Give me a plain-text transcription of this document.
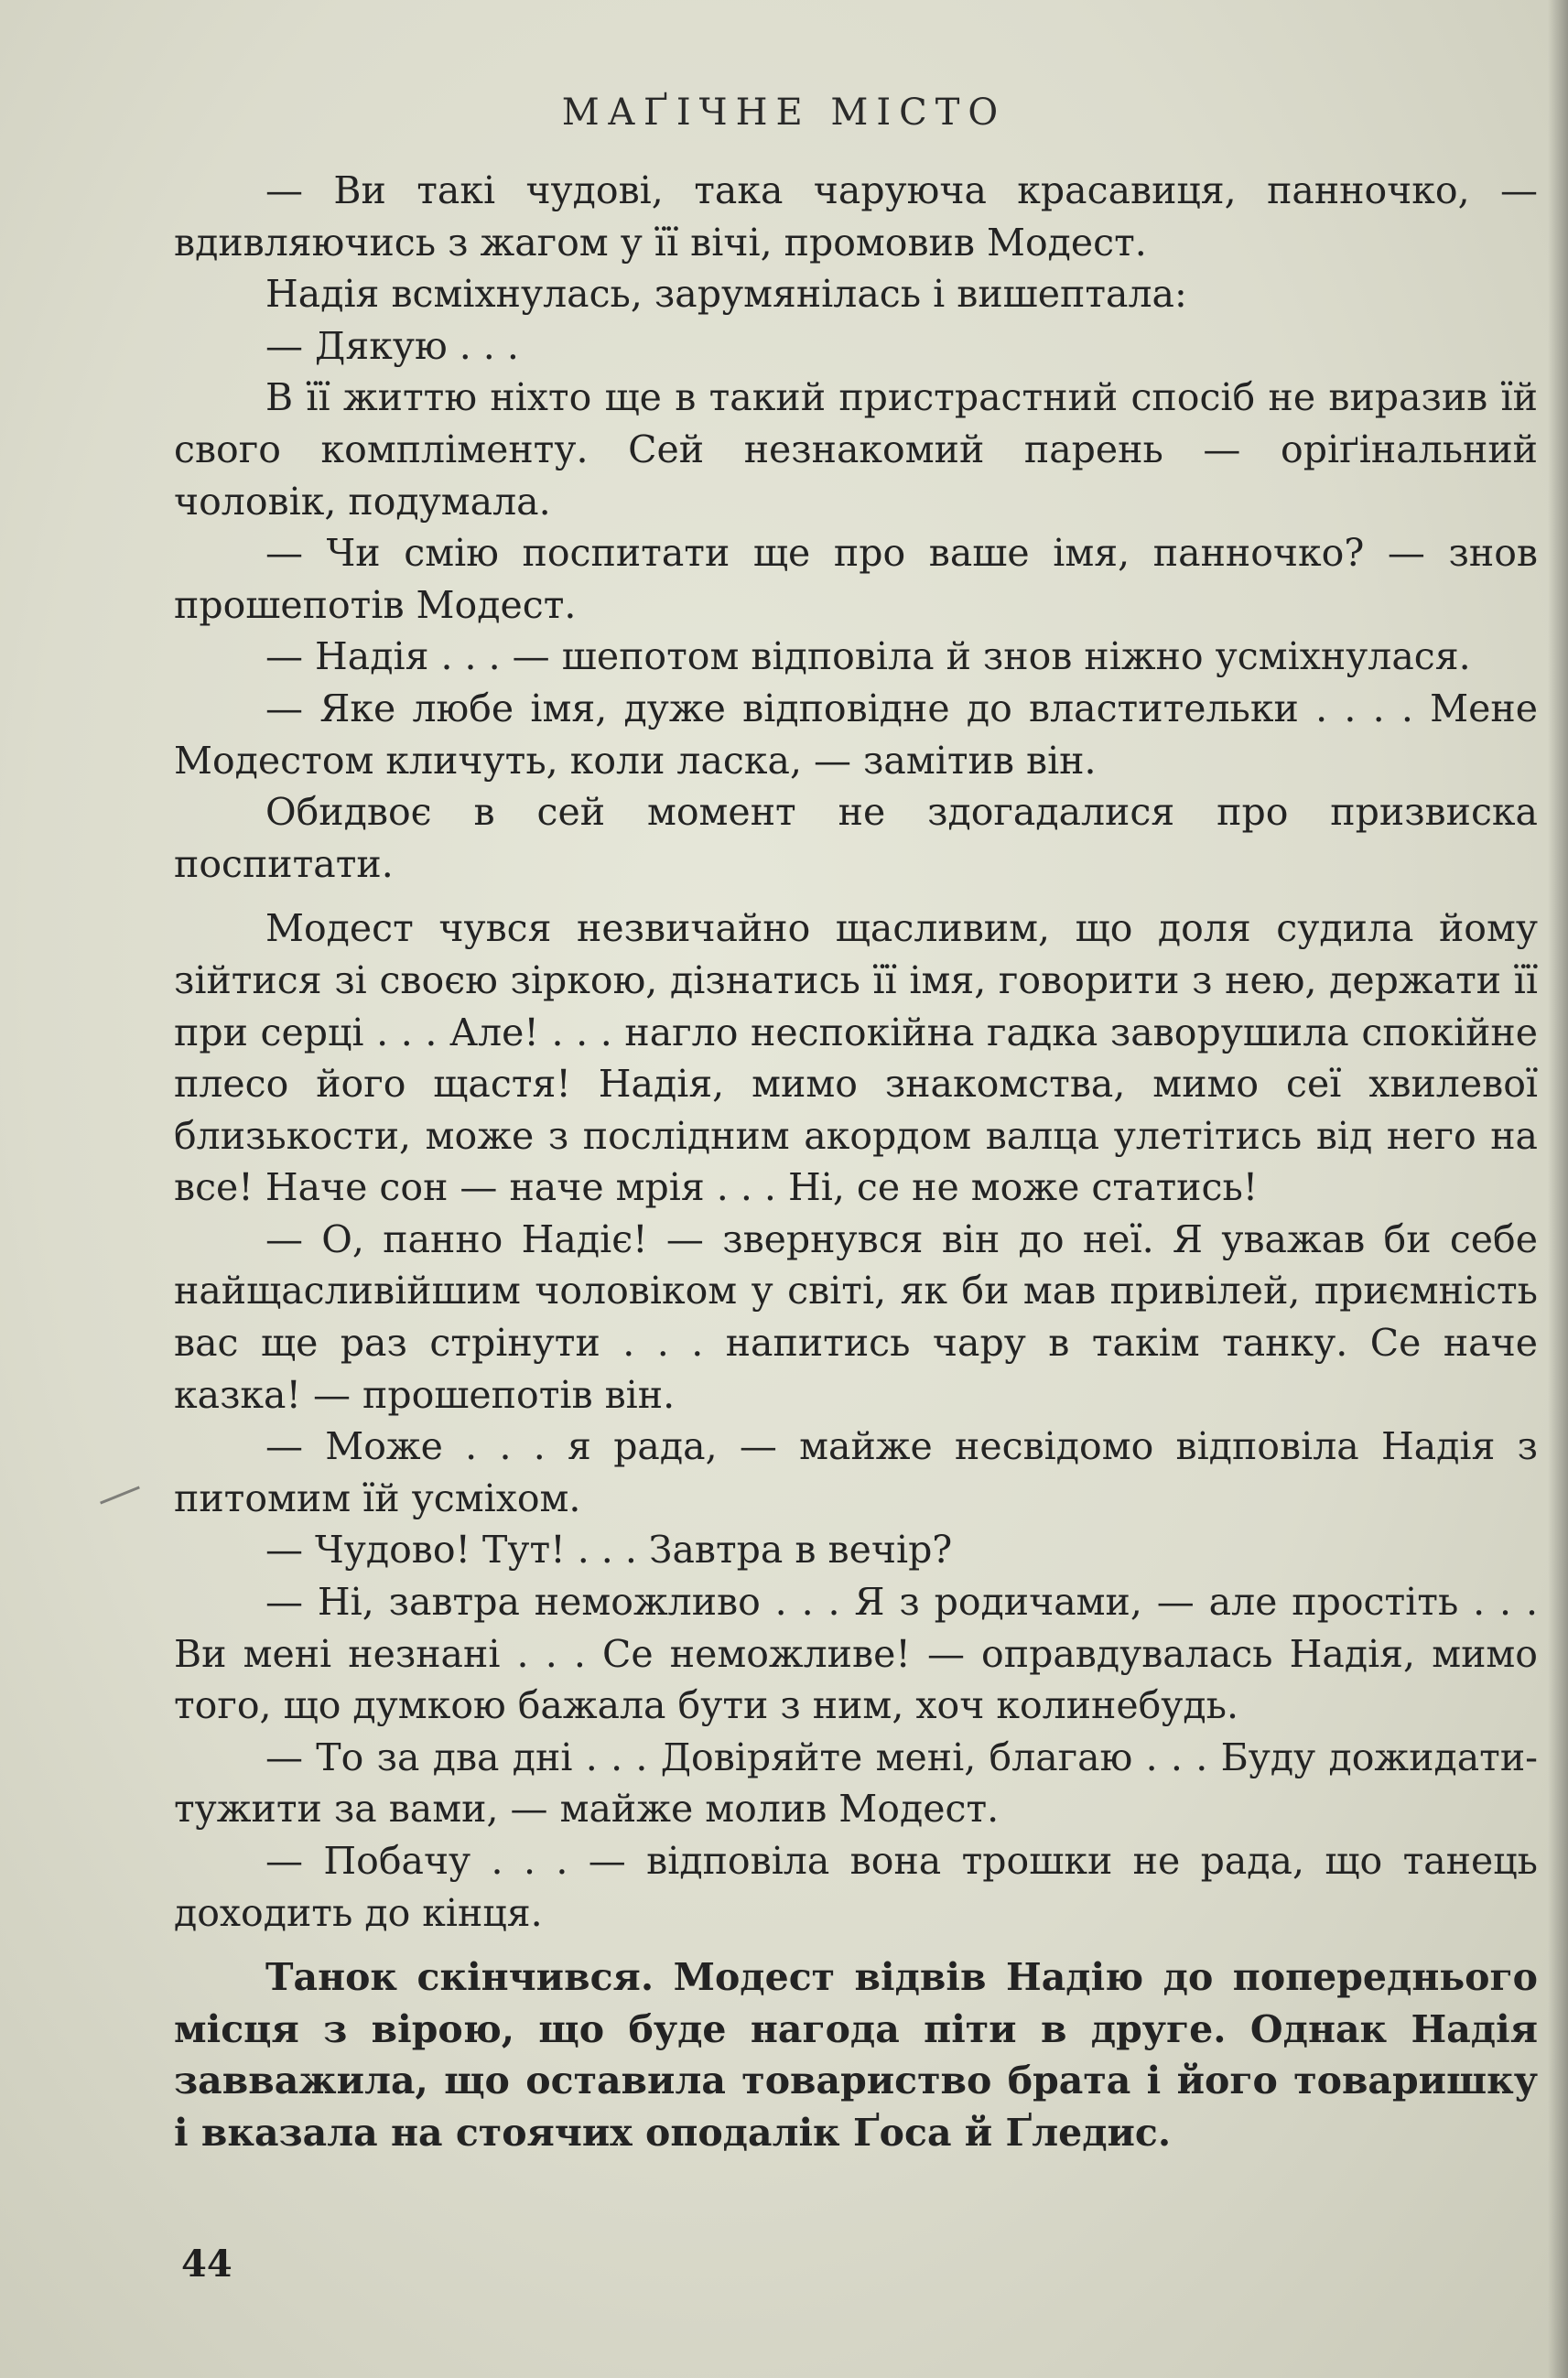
МАҐІЧНЕ МІСТО

— Ви такі чудові, така чаруюча красавиця, панночко, — вдивляючись з жагом у її вічі, промовив Модест.

Надія всміхнулась, зарумянілась і вишептала:

— Дякую . . .

В її життю ніхто ще в такий пристрастний спосіб не виразив їй свого компліменту. Сей незнакомий парень — оріґінальний чоловік, подумала.

— Чи смію поспитати ще про ваше імя, панночко? — знов прошепотів Модест.

— Надія . . . — шепотом відповіла й знов ніжно усміхнулася.

— Яке любе імя, дуже відповідне до властительки . . . . Мене Модестом кличуть, коли ласка, — замітив він.

Обидвоє в сей момент не здогадалися про призвиска поспитати.

Модест чувся незвичайно щасливим, що доля судила йому зійтися зі своєю зіркою, дізнатись її імя, говорити з нею, держати її при серці . . . Але! . . . нагло неспокійна гадка заворушила спокійне плесо його щастя! Надія, мимо знакомства, мимо сеї хвилевої близькости, може з послідним акордом валца улетітись від него на все! Наче сон — наче мрія . . . Ні, се не може статись!

— О, панно Надіє! — звернувся він до неї. Я уважав би себе найщасливійшим чоловіком у світі, як би мав привілей, приємність вас ще раз стрінути . . . напитись чару в такім танку. Се наче казка! — прошепотів він.

— Може . . . я рада, — майже несвідомо відповіла Надія з питомим їй усміхом.

— Чудово! Тут! . . . Завтра в вечір?

— Ні, завтра неможливо . . . Я з родичами, — але простіть . . . Ви мені незнані . . . Се неможливе! — оправдувалась Надія, мимо того, що думкою бажала бути з ним, хоч колинебудь.

— То за два дні . . . Довіряйте мені, благаю . . . Буду дожидати-тужити за вами, — майже молив Модест.

— Побачу . . . — відповіла вона трошки не рада, що танець доходить до кінця.

Танок скінчився. Модест відвів Надію до попереднього місця з вірою, що буде нагода піти в друге. Однак Надія завважила, що оставила товариство брата і його товаришку і вказала на стоячих оподалік Ґоса й Ґледис.

44
